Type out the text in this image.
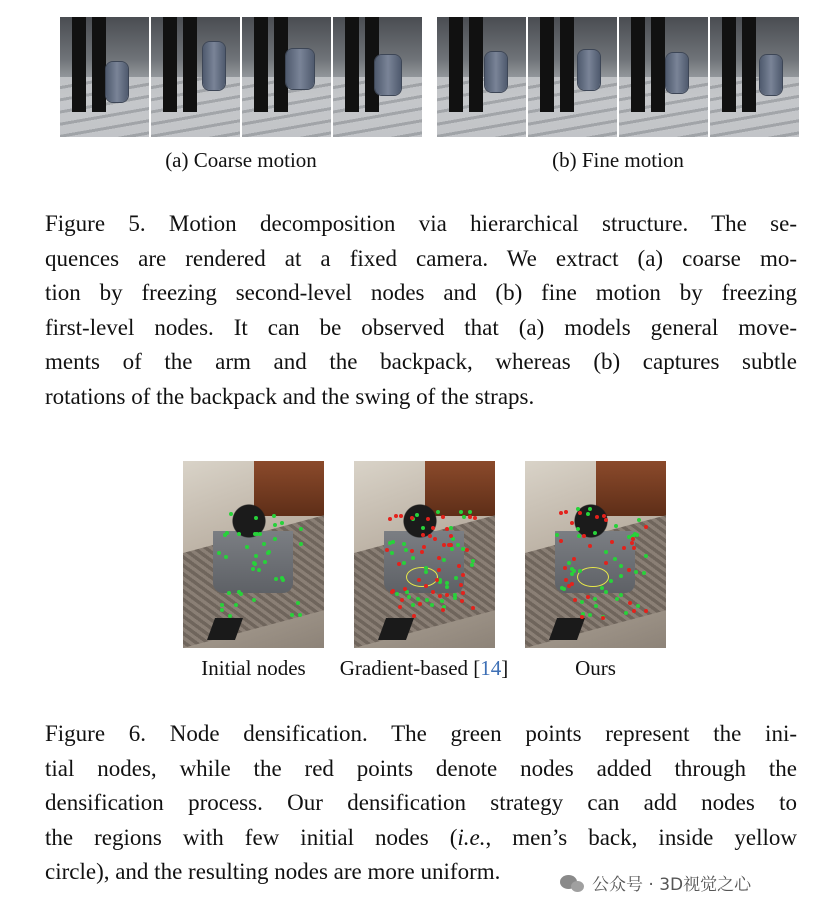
(a) Coarse motion	(b) Fine motion
Figure 5. Motion decomposition via hierarchical structure. The se-
quences are rendered at a fixed camera. We extract (a) coarse mo-
tion by freezing second-level nodes and (b) fine motion by freezing
first-level nodes. It can be observed that (a) models general move-
ments of the arm and the backpack, whereas (b) captures subtle
rotations of the backpack and the swing of the straps.
Initial nodes	Gradient-based [14]	Ours
Figure 6. Node densification. The green points represent the ini-
tial nodes, while the red points denote nodes added through the
densification process. Our densification strategy can add nodes to
the regions with few initial nodes (i.e., men’s back, inside yellow
circle), and the resulting nodes are more uniform.
公众号 · 3D视觉之心
